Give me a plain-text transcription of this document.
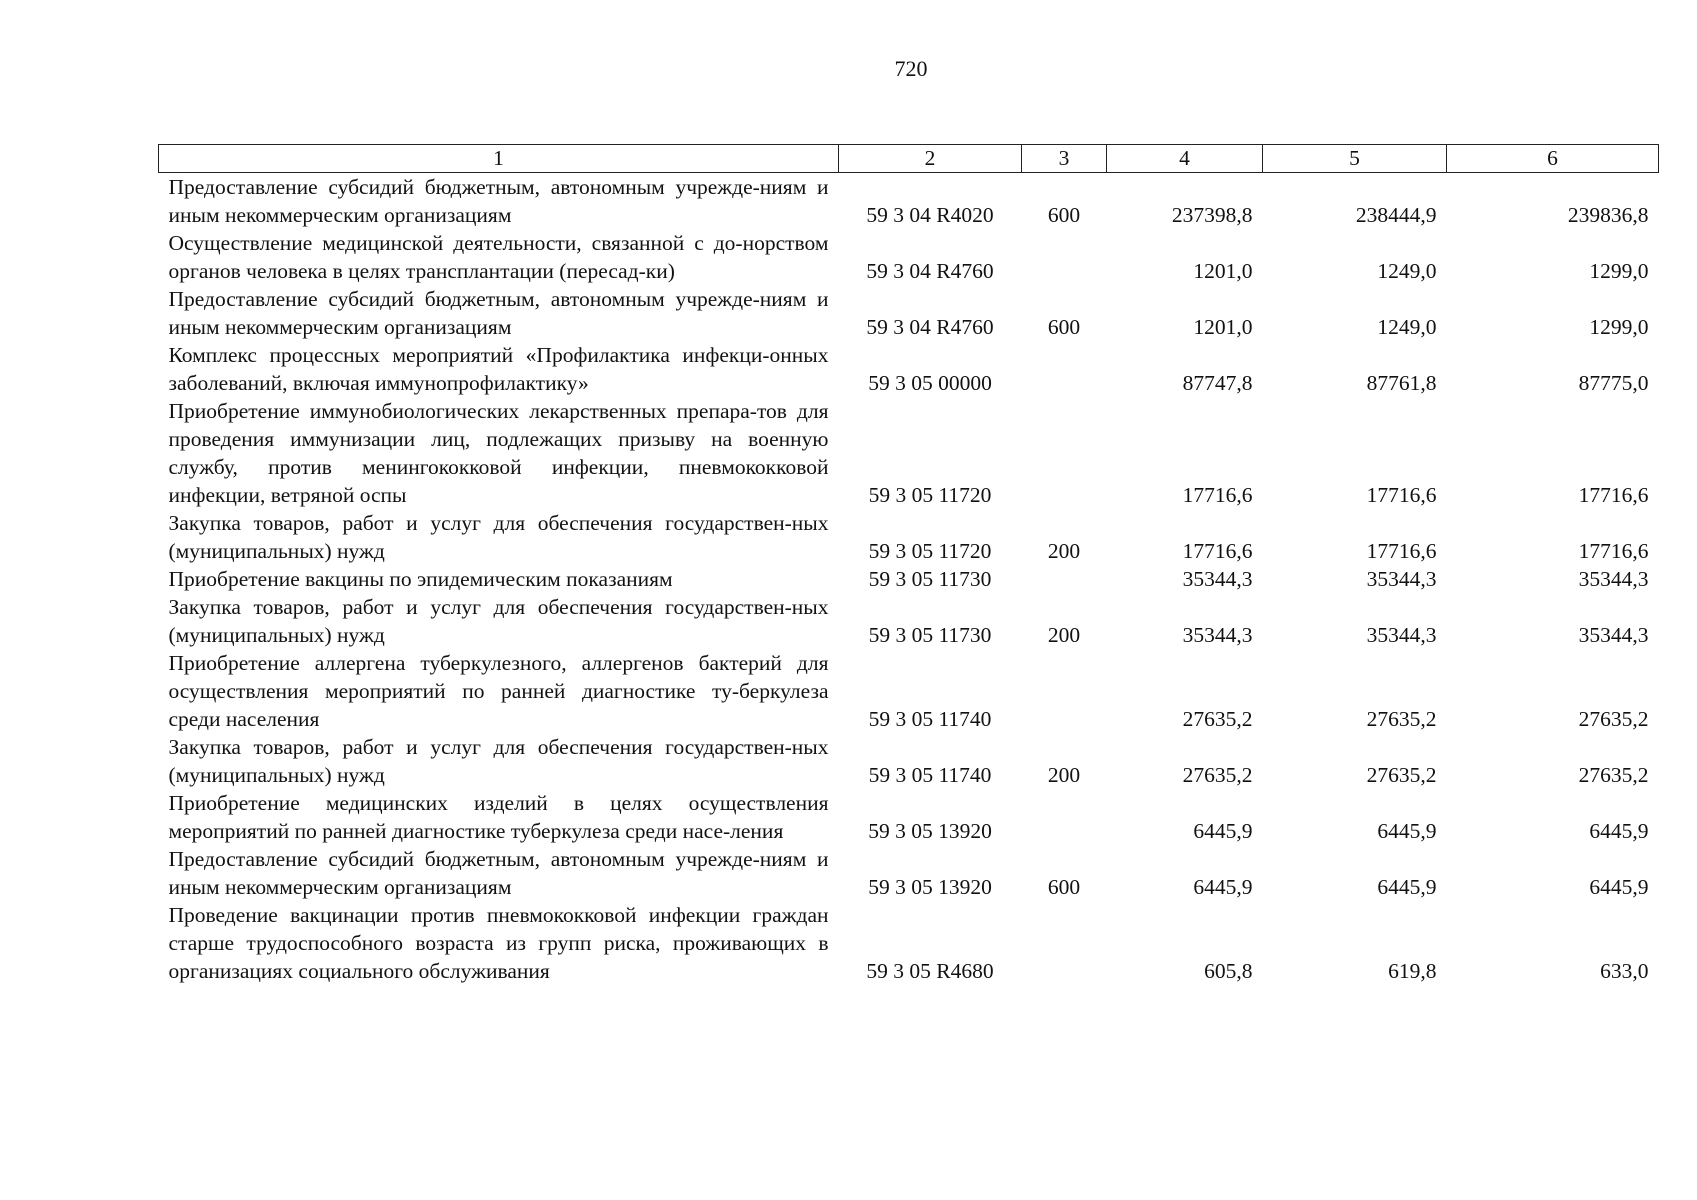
720
1	2	3	4	5	6
Предоставление субсидий бюджетным, автономным учрежде-ниям и иным некоммерческим организациям	59 3 04 R4020	600	237398,8	238444,9	239836,8
Осуществление медицинской деятельности, связанной с до-норством органов человека в целях трансплантации (пересад-ки)	59 3 04 R4760		1201,0	1249,0	1299,0
Предоставление субсидий бюджетным, автономным учрежде-ниям и иным некоммерческим организациям	59 3 04 R4760	600	1201,0	1249,0	1299,0
Комплекс процессных мероприятий «Профилактика инфекци-онных заболеваний, включая иммунопрофилактику»	59 3 05 00000		87747,8	87761,8	87775,0
Приобретение иммунобиологических лекарственных препара-тов для проведения иммунизации лиц, подлежащих призыву на военную службу, против менингококковой инфекции, пневмококковой инфекции, ветряной оспы	59 3 05 11720		17716,6	17716,6	17716,6
Закупка товаров, работ и услуг для обеспечения государствен-ных (муниципальных) нужд	59 3 05 11720	200	17716,6	17716,6	17716,6
Приобретение вакцины по эпидемическим показаниям	59 3 05 11730		35344,3	35344,3	35344,3
Закупка товаров, работ и услуг для обеспечения государствен-ных (муниципальных) нужд	59 3 05 11730	200	35344,3	35344,3	35344,3
Приобретение аллергена туберкулезного, аллергенов бактерий для осуществления мероприятий по ранней диагностике ту-беркулеза среди населения	59 3 05 11740		27635,2	27635,2	27635,2
Закупка товаров, работ и услуг для обеспечения государствен-ных (муниципальных) нужд	59 3 05 11740	200	27635,2	27635,2	27635,2
Приобретение медицинских изделий в целях осуществления мероприятий по ранней диагностике туберкулеза среди насе-ления	59 3 05 13920		6445,9	6445,9	6445,9
Предоставление субсидий бюджетным, автономным учрежде-ниям и иным некоммерческим организациям	59 3 05 13920	600	6445,9	6445,9	6445,9
Проведение вакцинации против пневмококковой инфекции граждан старше трудоспособного возраста из групп риска, проживающих в организациях социального обслуживания	59 3 05 R4680		605,8	619,8	633,0
